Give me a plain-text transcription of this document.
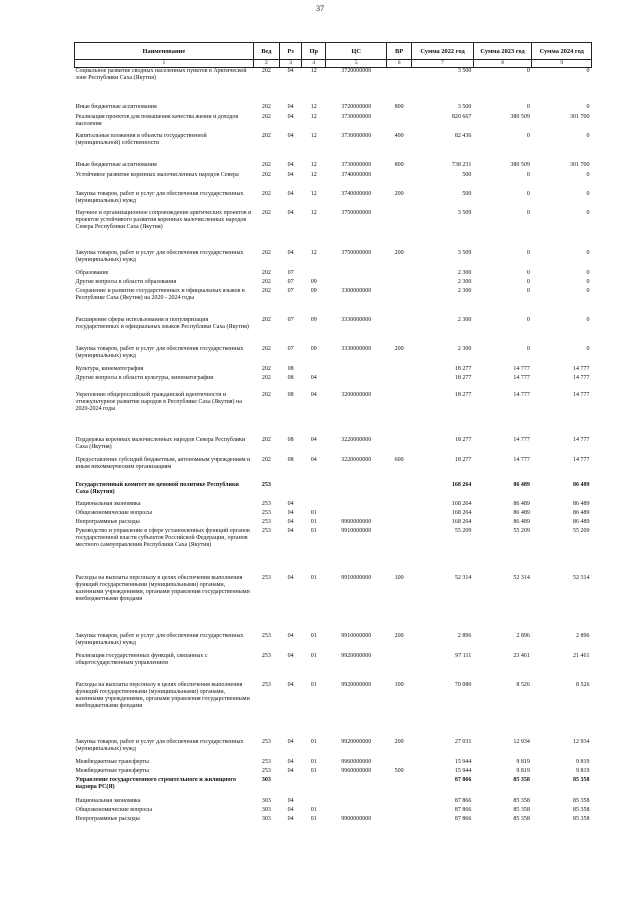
37
Наименование	Вед	Рз	Пр	ЦС	ВР	Сумма 2022 год	Сумма 2023 год	Сумма 2024 год
1	2	3	4	5	6	7	8	9
Социальное развитие сводных населенных пунктов в Арктической зоне Республики Саха (Якутия)	202	04	12	3720000000		3 500	0	0
Иные бюджетные ассигнования	202	04	12	3720000000	800	3 500	0	0
Реализация проектов для повышения качества жизни и доходов населения	202	04	12	3730000000		820 667	380 509	301 700
Капитальные вложения в объекты государственной (муниципальной) собственности	202	04	12	3730000000	400	82 436	0	0
Иные бюджетные ассигнования	202	04	12	3730000000	800	738 231	380 509	301 700
Устойчивое развитие коренных малочисленных народов Севера	202	04	12	3740000000		500	0	0
Закупка товаров, работ и услуг для обеспечения государственных (муниципальных) нужд	202	04	12	3740000000	200	500	0	0
Научное и организационное сопровождение арктических проектов и проектов устойчивого развития коренных малочисленных народов Севера Республики Саха (Якутия)	202	04	12	3750000000		3 509	0	0
Закупка товаров, работ и услуг для обеспечения государственных (муниципальных) нужд	202	04	12	3750000000	200	3 509	0	0
Образование	202	07				2 300	0	0
Другие вопросы в области образования	202	07	09			2 300	0	0
Сохранение и развитие государственных и официальных языков в Республике Саха (Якутия) на 2020 - 2024 годы	202	07	09	3300000000		2 300	0	0
Расширение сферы использования и популяризация государственных и официальных языков Республики Саха (Якутия)	202	07	09	3330000000		2 300	0	0
Закупка товаров, работ и услуг для обеспечения государственных (муниципальных) нужд	202	07	09	3330000000	200	2 300	0	0
Культура, кинематография	202	08				18 277	14 777	14 777
Другие вопросы в области культуры, кинематографии	202	08	04			18 277	14 777	14 777
Укрепление общероссийской гражданской идентичности и этнокультурное развитие народов в Республике Саха (Якутия) на 2020-2024 годы	202	08	04	3200000000		18 277	14 777	14 777
Поддержка коренных малочисленных народов Севера Республики Саха (Якутия)	202	08	04	3220000000		18 277	14 777	14 777
Предоставление субсидий бюджетным, автономным учреждениям и иным некоммерческим организациям	202	08	04	3220000000	600	18 277	14 777	14 777
Государственный комитет по ценовой политике Республики Саха (Якутия)	253					168 264	86 489	86 489
Национальная экономика	253	04				168 264	86 489	86 489
Общеэкономические вопросы	253	04	01			168 264	86 489	86 489
Непрограммные расходы	253	04	01	9900000000		168 264	86 489	86 489
Руководство и управление в сфере установленных функций органов государственной власти субъектов Российской Федерации, органов местного самоуправления Республики Саха (Якутия)	253	04	01	9910000000		55 209	55 209	55 209
Расходы на выплаты персоналу в целях обеспечения выполнения функций государственными (муниципальными) органами, казенными учреждениями, органами управления государственными внебюджетными фондами	253	04	01	9910000000	100	52 314	52 314	52 314
Закупка товаров, работ и услуг для обеспечения государственных (муниципальных) нужд	253	04	01	9910000000	200	2 896	2 896	2 896
Реализация государственных функций, связанных с общегосударственным управлением	253	04	01	9920000000		97 111	23 461	21 461
Расходы на выплаты персоналу в целях обеспечения выполнения функций государственными (муниципальными) органами, казенными учреждениями, органами управления государственными внебюджетными фондами	253	04	01	9920000000	100	70 080	8 526	8 526
Закупка товаров, работ и услуг для обеспечения государственных (муниципальных) нужд	253	04	01	9920000000	200	27 031	12 934	12 934
Межбюджетные трансферты	253	04	01	9960000000		15 944	9 819	9 819
Межбюджетные трансферты	253	04	01	9960000000	500	15 944	9 819	9 819
Управление государственного строительного и жилищного надзора РС(Я)	303					87 866	85 358	85 358
Национальная экономика	303	04				87 866	85 358	85 358
Общеэкономические вопросы	303	04	01			87 866	85 358	85 358
Непрограммные расходы	303	04	01	9900000000		87 866	85 358	85 358
